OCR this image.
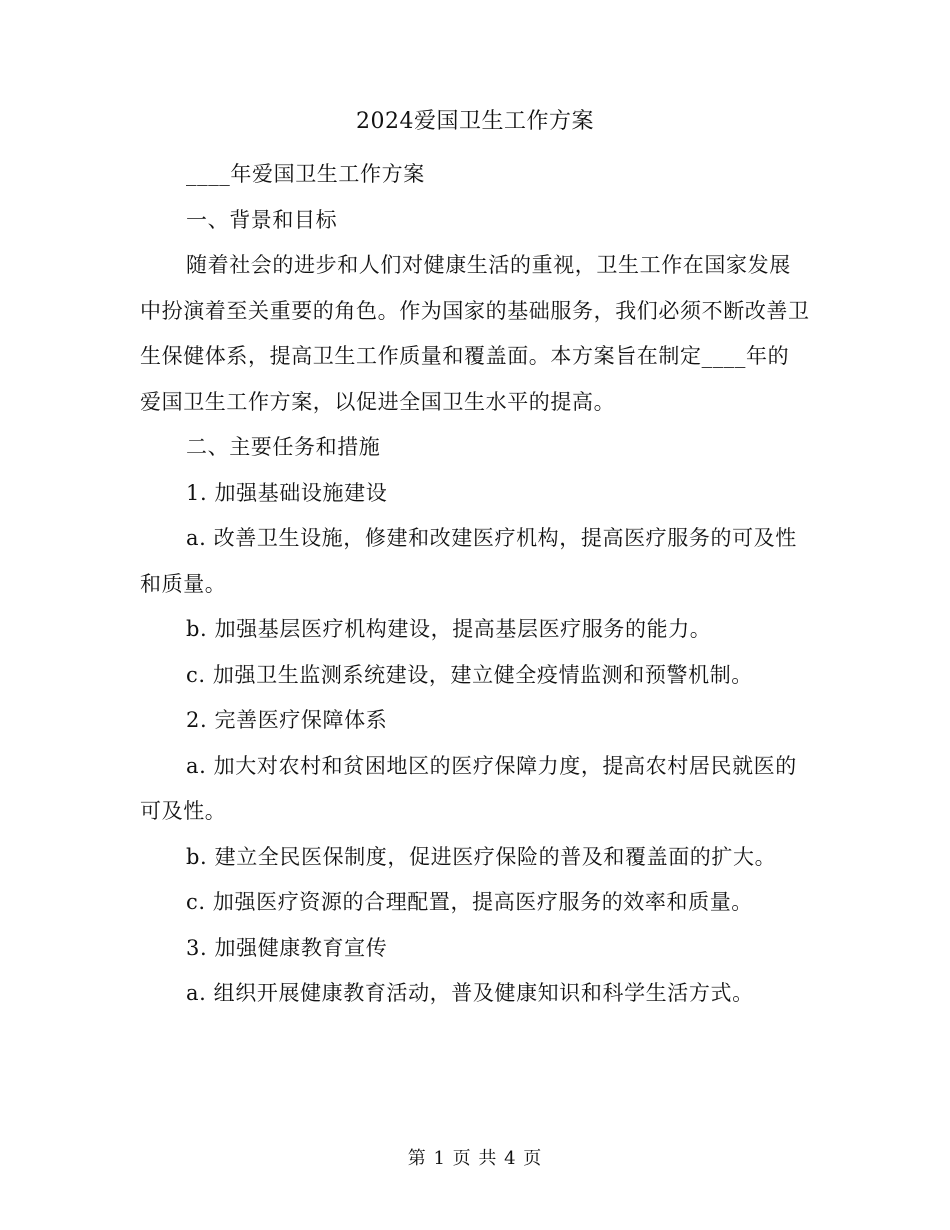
2024爱国卫生工作方案

____年爱国卫生工作方案

一、背景和目标

随着社会的进步和人们对健康生活的重视，卫生工作在国家发展中扮演着至关重要的角色。作为国家的基础服务，我们必须不断改善卫生保健体系，提高卫生工作质量和覆盖面。本方案旨在制定____年的爱国卫生工作方案，以促进全国卫生水平的提高。

二、主要任务和措施

1. 加强基础设施建设

a. 改善卫生设施，修建和改建医疗机构，提高医疗服务的可及性和质量。

b. 加强基层医疗机构建设，提高基层医疗服务的能力。

c. 加强卫生监测系统建设，建立健全疫情监测和预警机制。

2. 完善医疗保障体系

a. 加大对农村和贫困地区的医疗保障力度，提高农村居民就医的可及性。

b. 建立全民医保制度，促进医疗保险的普及和覆盖面的扩大。

c. 加强医疗资源的合理配置，提高医疗服务的效率和质量。

3. 加强健康教育宣传

a. 组织开展健康教育活动，普及健康知识和科学生活方式。

第 1 页 共 4 页
